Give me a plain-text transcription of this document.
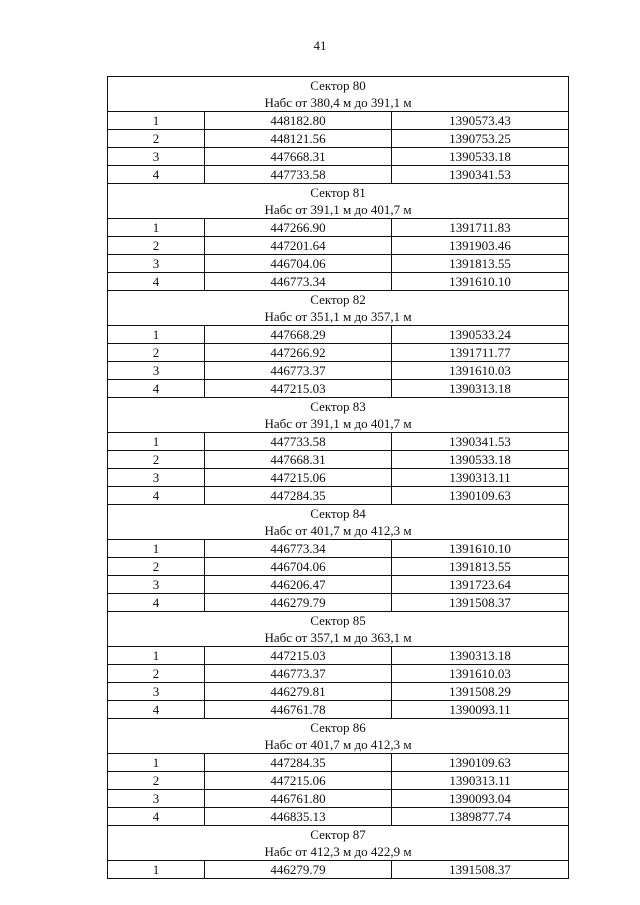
41
Сектор 80
Набс от 380,4 м до 391,1 м
1	448182.80	1390573.43
2	448121.56	1390753.25
3	447668.31	1390533.18
4	447733.58	1390341.53
Сектор 81
Набс от 391,1 м до 401,7 м
1	447266.90	1391711.83
2	447201.64	1391903.46
3	446704.06	1391813.55
4	446773.34	1391610.10
Сектор 82
Набс от 351,1 м до 357,1 м
1	447668.29	1390533.24
2	447266.92	1391711.77
3	446773.37	1391610.03
4	447215.03	1390313.18
Сектор 83
Набс от 391,1 м до 401,7 м
1	447733.58	1390341.53
2	447668.31	1390533.18
3	447215.06	1390313.11
4	447284.35	1390109.63
Сектор 84
Набс от 401,7 м до 412,3 м
1	446773.34	1391610.10
2	446704.06	1391813.55
3	446206.47	1391723.64
4	446279.79	1391508.37
Сектор 85
Набс от 357,1 м до 363,1 м
1	447215.03	1390313.18
2	446773.37	1391610.03
3	446279.81	1391508.29
4	446761.78	1390093.11
Сектор 86
Набс от 401,7 м до 412,3 м
1	447284.35	1390109.63
2	447215.06	1390313.11
3	446761.80	1390093.04
4	446835.13	1389877.74
Сектор 87
Набс от 412,3 м до 422,9 м
1	446279.79	1391508.37
